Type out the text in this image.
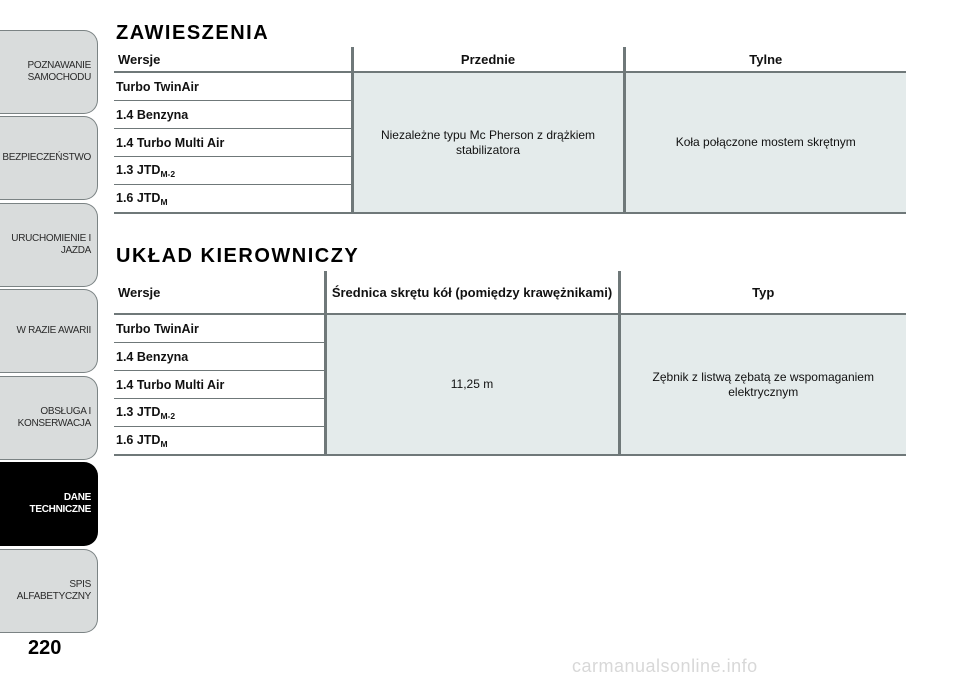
POZNAWANIE SAMOCHODU
BEZPIECZEŃSTWO
URUCHOMIENIE I JAZDA
W RAZIE AWARII
OBSŁUGA I KONSERWACJA
DANE TECHNICZNE
SPIS ALFABETYCZNY
220
ZAWIESZENIA
Wersje	Przednie	Tylne
Turbo TwinAir	Niezależne typu Mc Pherson z drążkiem stabilizatora	Koła połączone mostem skrętnym
1.4 Benzyna		
1.4 Turbo Multi Air		
1.3 $JTD_{M-2}$
1.6 $JTD_M$
UKŁAD KIEROWNICZY
Wersje	Średnica skrętu kół (pomiędzy krawężnikami)	Typ
Turbo TwinAir	11,25 m	Zębnik z listwą zębatą ze wspomaganiem elektrycznym
1.4 Benzyna		
1.4 Turbo Multi Air		
1.3 $JTD_{M-2}$
1.6 $JTD_M$
carmanualsonline.info
